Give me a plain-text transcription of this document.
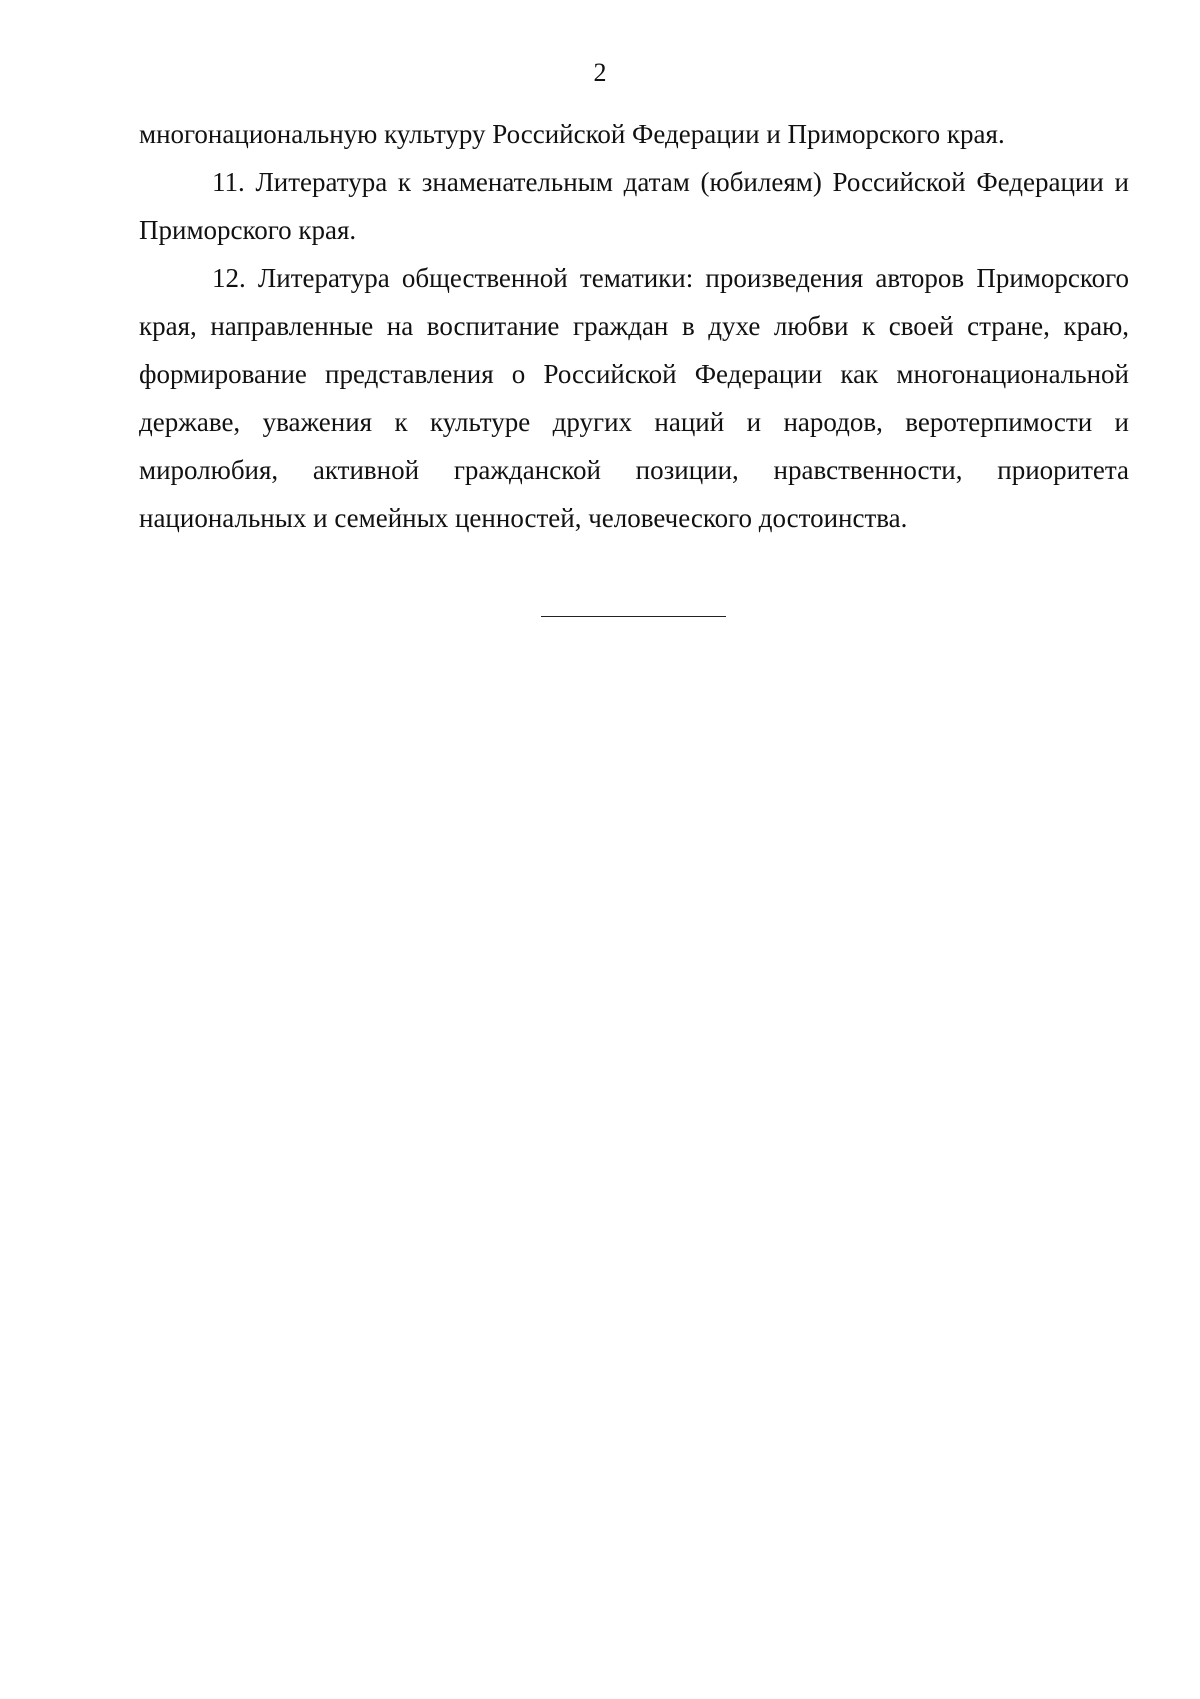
2

многонациональную культуру Российской Федерации и Приморского края.

11. Литература к знаменательным датам (юбилеям) Российской Федерации и Приморского края.

12. Литература общественной тематики: произведения авторов Приморского края, направленные на воспитание граждан в духе любви к своей стране, краю, формирование представления о Российской Федерации как многонациональной державе, уважения к культуре других наций и народов, веротерпимости и миролюбия, активной гражданской позиции, нравственности, приоритета национальных и семейных ценностей, человеческого достоинства.
